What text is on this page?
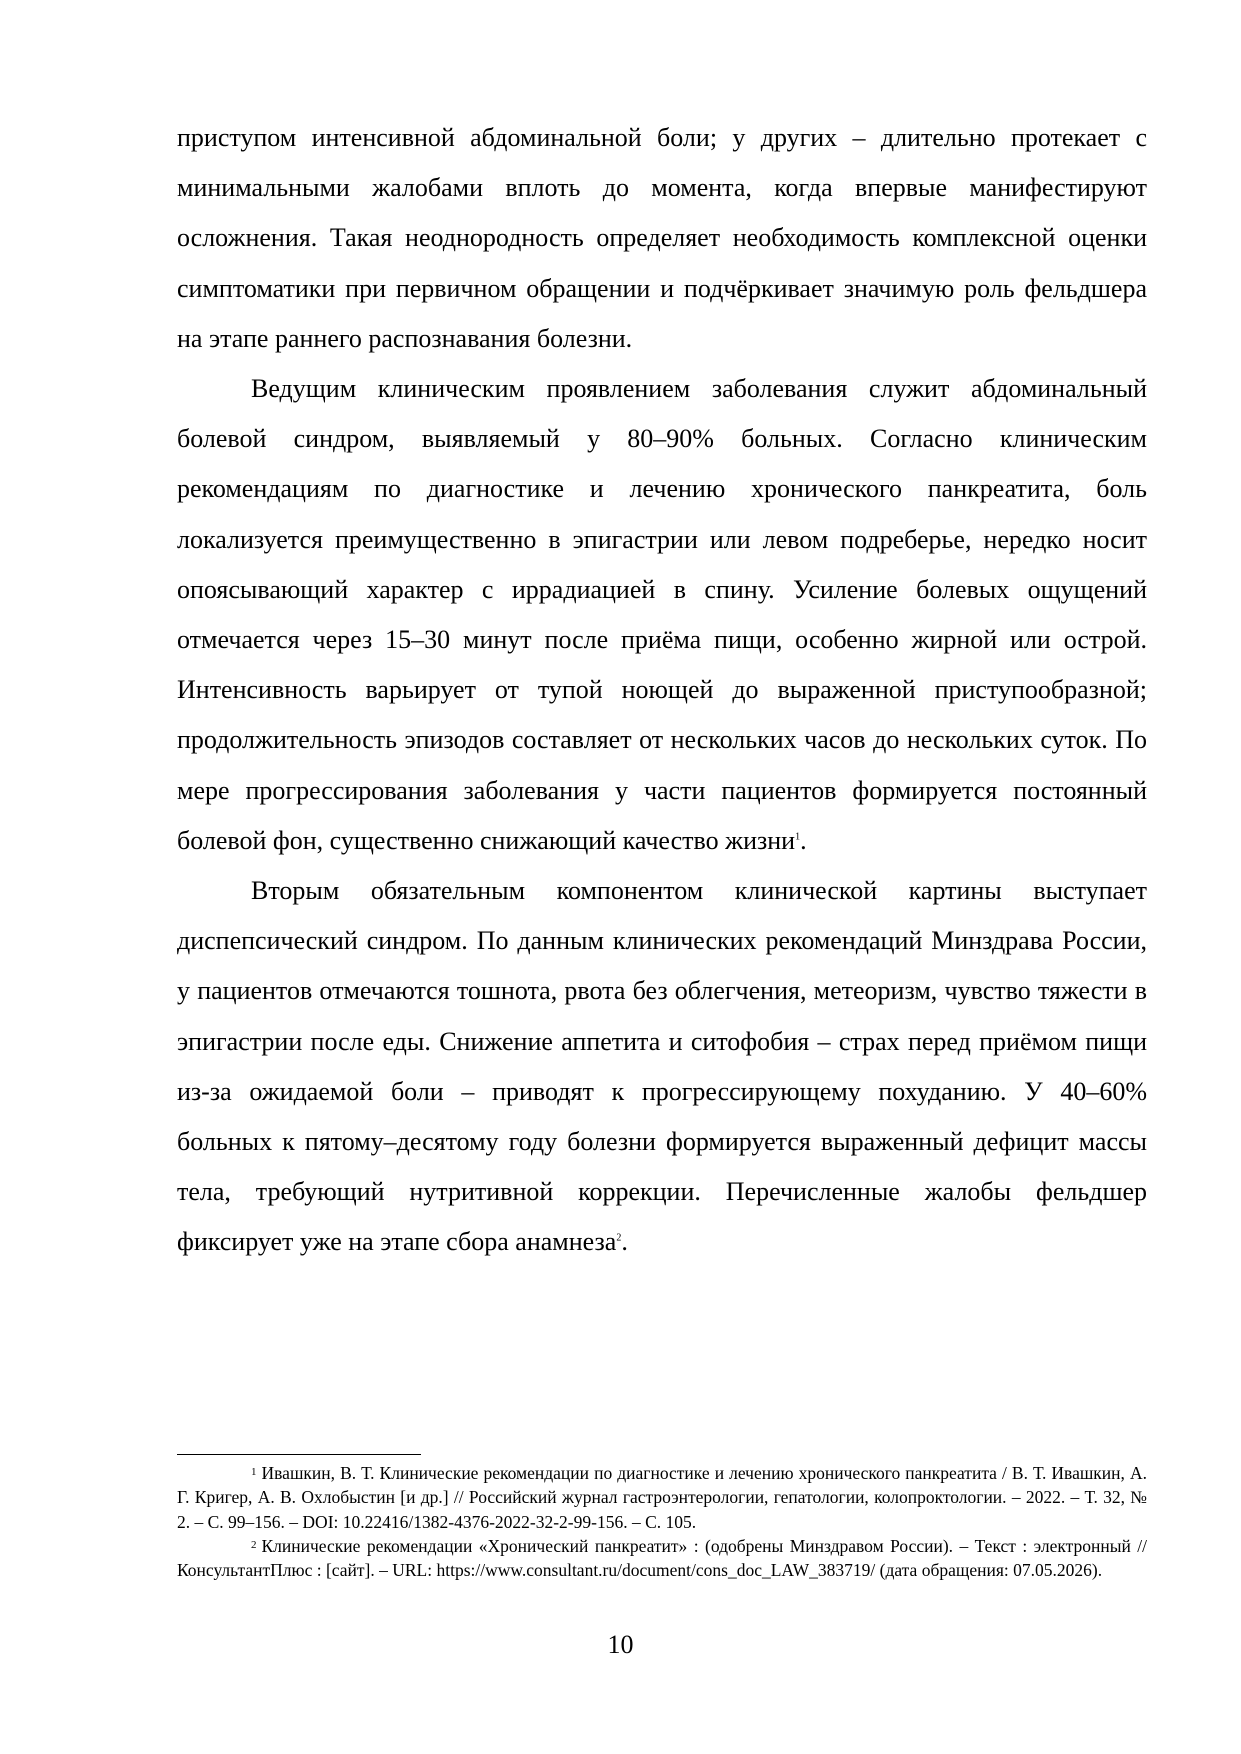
приступом интенсивной абдоминальной боли; у других – длительно протекает с минимальными жалобами вплоть до момента, когда впервые манифестируют осложнения. Такая неоднородность определяет необходимость комплексной оценки симптоматики при первичном обращении и подчёркивает значимую роль фельдшера на этапе раннего распознавания болезни.

Ведущим клиническим проявлением заболевания служит абдоминальный болевой синдром, выявляемый у 80–90% больных. Согласно клиническим рекомендациям по диагностике и лечению хронического панкреатита, боль локализуется преимущественно в эпигастрии или левом подреберье, нередко носит опоясывающий характер с иррадиацией в спину. Усиление болевых ощущений отмечается через 15–30 минут после приёма пищи, особенно жирной или острой. Интенсивность варьирует от тупой ноющей до выраженной приступообразной; продолжительность эпизодов составляет от нескольких часов до нескольких суток. По мере прогрессирования заболевания у части пациентов формируется постоянный болевой фон, существенно снижающий качество жизни$^1$.

Вторым обязательным компонентом клинической картины выступает диспепсический синдром. По данным клинических рекомендаций Минздрава России, у пациентов отмечаются тошнота, рвота без облегчения, метеоризм, чувство тяжести в эпигастрии после еды. Снижение аппетита и ситофобия – страх перед приёмом пищи из-за ожидаемой боли – приводят к прогрессирующему похуданию. У 40–60% больных к пятому–десятому году болезни формируется выраженный дефицит массы тела, требующий нутритивной коррекции. Перечисленные жалобы фельдшер фиксирует уже на этапе сбора анамнеза$^2$.

$^1$ Ивашкин, В. Т. Клинические рекомендации по диагностике и лечению хронического панкреатита / В. Т. Ивашкин, А. Г. Кригер, А. В. Охлобыстин [и др.] // Российский журнал гастроэнтерологии, гепатологии, колопроктологии. – 2022. – Т. 32, № 2. – С. 99–156. – DOI: 10.22416/1382-4376-2022-32-2-99-156. – С. 105.

$^2$ Клинические рекомендации «Хронический панкреатит» : (одобрены Минздравом России). – Текст : электронный // КонсультантПлюс : [сайт]. – URL: https://www.consultant.ru/document/cons_doc_LAW_383719/ (дата обращения: 07.05.2026).

10
